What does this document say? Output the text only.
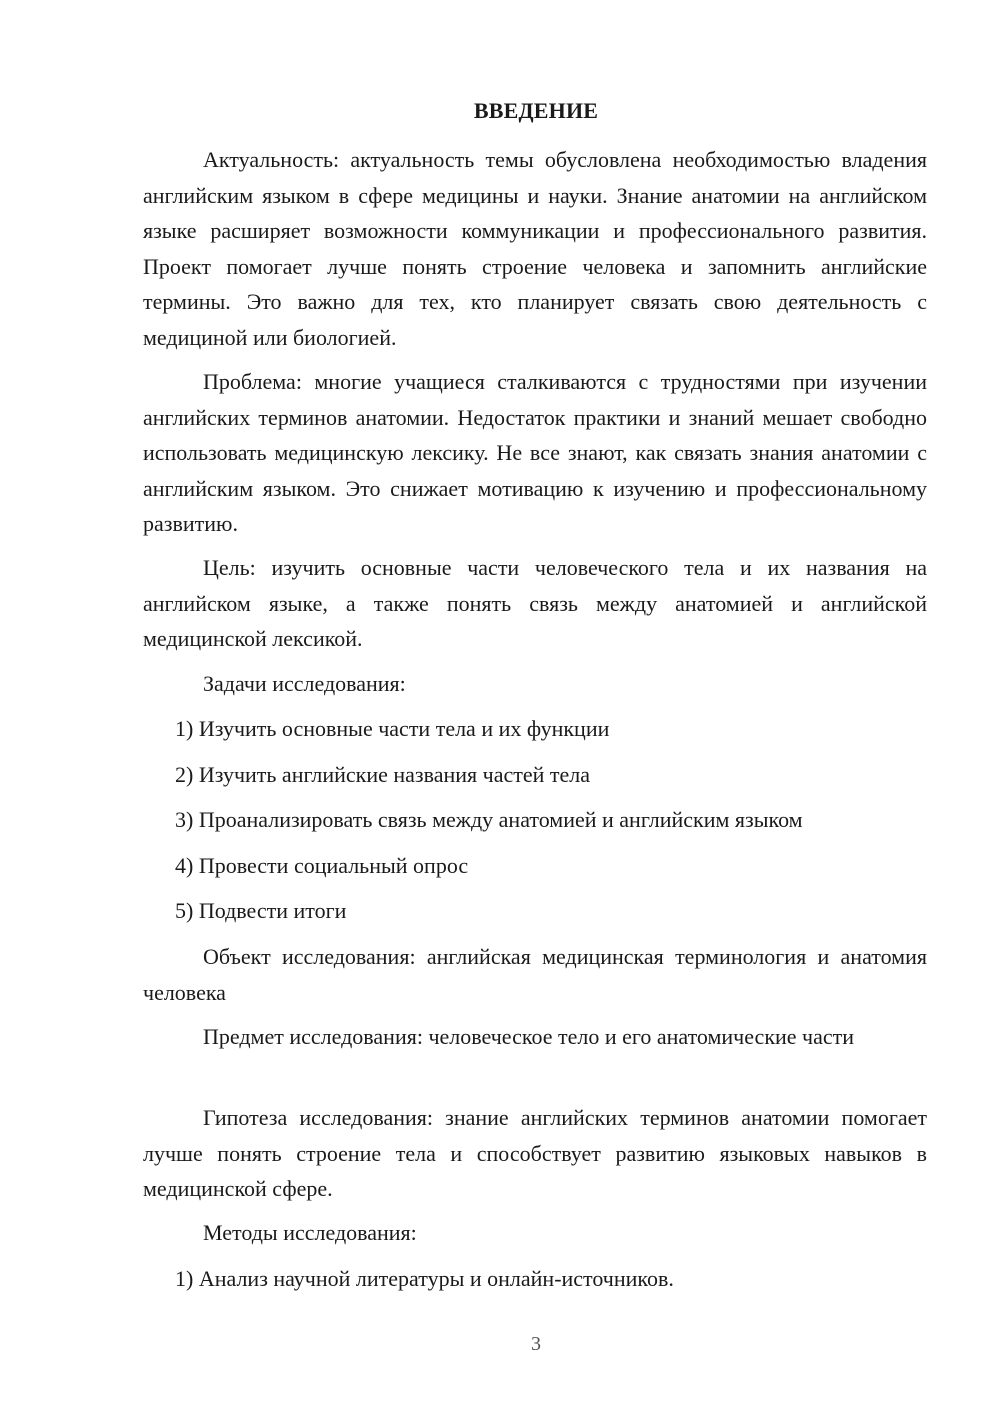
ВВЕДЕНИЕ

Актуальность: актуальность темы обусловлена необходимостью владения английским языком в сфере медицины и науки. Знание анатомии на английском языке расширяет возможности коммуникации и профессионального развития. Проект помогает лучше понять строение человека и запомнить английские термины. Это важно для тех, кто планирует связать свою деятельность с медициной или биологией.

Проблема: многие учащиеся сталкиваются с трудностями при изучении английских терминов анатомии. Недостаток практики и знаний мешает свободно использовать медицинскую лексику. Не все знают, как связать знания анатомии с английским языком. Это снижает мотивацию к изучению и профессиональному развитию.

Цель: изучить основные части человеческого тела и их названия на английском языке, а также понять связь между анатомией и английской медицинской лексикой.

Задачи исследования:

1) Изучить основные части тела и их функции
2) Изучить английские названия частей тела
3) Проанализировать связь между анатомией и английским языком
4) Провести социальный опрос
5) Подвести итоги

Объект исследования: английская медицинская терминология и анатомия человека

Предмет исследования: человеческое тело и его анатомические части

Гипотеза исследования: знание английских терминов анатомии помогает лучше понять строение тела и способствует развитию языковых навыков в медицинской сфере.

Методы исследования:

1) Анализ научной литературы и онлайн-источников.
3
